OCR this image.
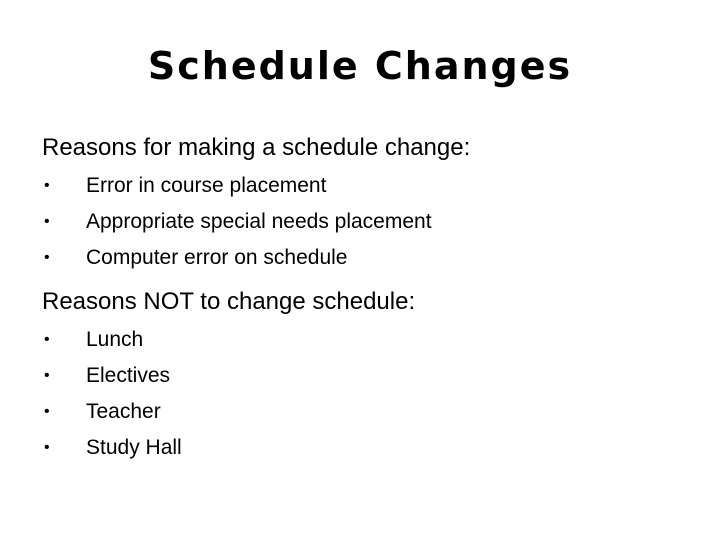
Schedule Changes
Reasons for making a schedule change:
•	Error in course placement
•	Appropriate special needs placement
•	Computer error on schedule
Reasons NOT to change schedule:
•	Lunch
•	Electives
•	Teacher
•	Study Hall
